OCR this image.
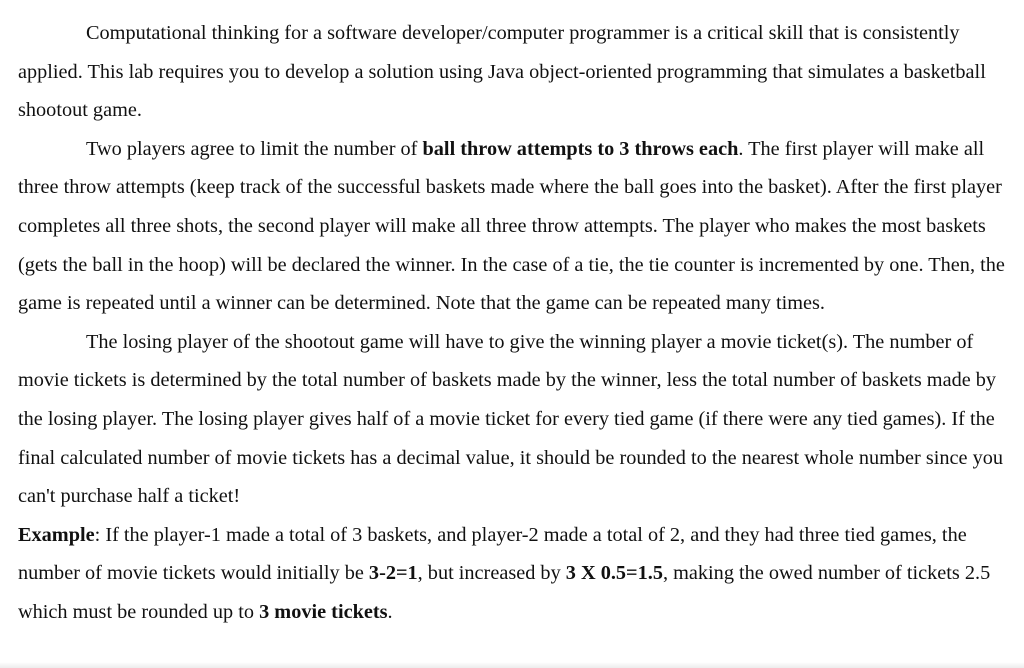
Computational thinking for a software developer/computer programmer is a critical skill that is consistently applied. This lab requires you to develop a solution using Java object-oriented programming that simulates a basketball shootout game.

Two players agree to limit the number of ball throw attempts to 3 throws each. The first player will make all three throw attempts (keep track of the successful baskets made where the ball goes into the basket). After the first player completes all three shots, the second player will make all three throw attempts. The player who makes the most baskets (gets the ball in the hoop) will be declared the winner. In the case of a tie, the tie counter is incremented by one. Then, the game is repeated until a winner can be determined. Note that the game can be repeated many times.

The losing player of the shootout game will have to give the winning player a movie ticket(s). The number of movie tickets is determined by the total number of baskets made by the winner, less the total number of baskets made by the losing player. The losing player gives half of a movie ticket for every tied game (if there were any tied games). If the final calculated number of movie tickets has a decimal value, it should be rounded to the nearest whole number since you can't purchase half a ticket!

Example: If the player-1 made a total of 3 baskets, and player-2 made a total of 2, and they had three tied games, the number of movie tickets would initially be 3-2=1, but increased by 3 X 0.5=1.5, making the owed number of tickets 2.5 which must be rounded up to 3 movie tickets.
